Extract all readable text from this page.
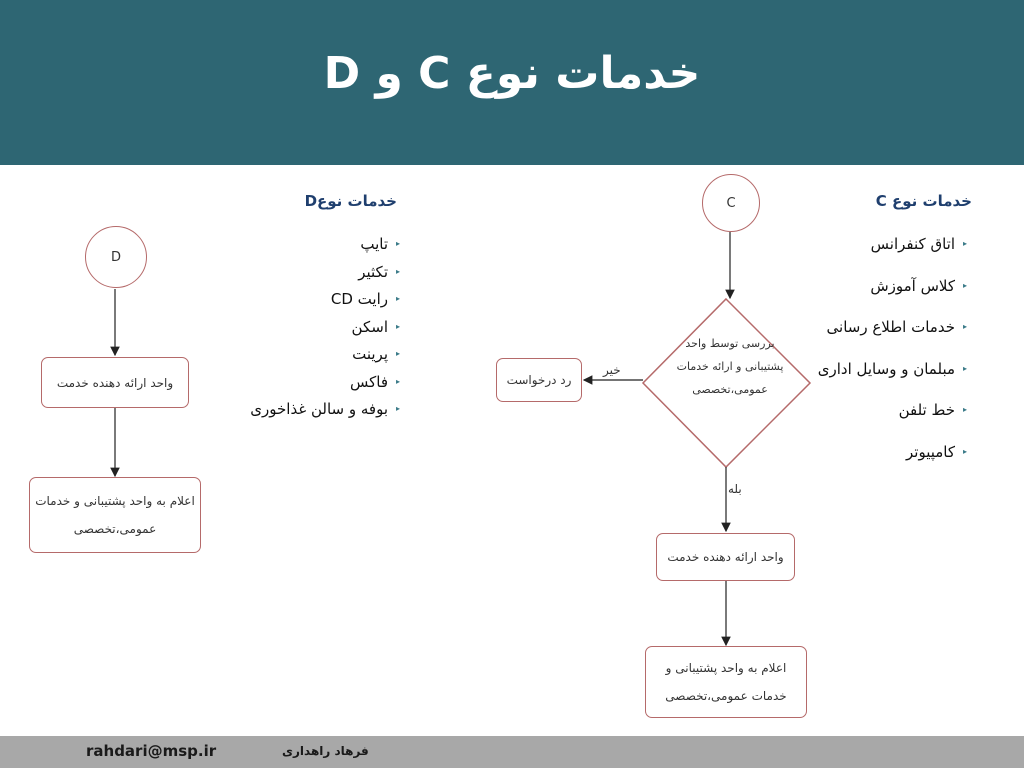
خدمات نوع C و D
خدمات نوع C
▸ اتاق کنفرانس
▸ کلاس آموزش
▸ خدمات اطلاع رسانی
▸ مبلمان و وسایل اداری
▸ خط تلفن
▸ کامپیوتر
خدمات نوعD
▸ تایپ
▸ تکثیر
▸ رایت CD
▸ اسکن
▸ پرینت
▸ فاکس
▸ بوفه و سالن غذاخوری
C
بررسی توسط واحد پشتیبانی و ارائه خدمات عمومی،تخصصی
خیر
رد درخواست
بله
واحد ارائه دهنده خدمت
اعلام به واحد پشتیبانی و خدمات عمومی،تخصصی
D
واحد ارائه دهنده خدمت
اعلام به واحد پشتیبانی و خدمات عمومی،تخصصی
rahdari@msp.ir	فرهاد راهداری
